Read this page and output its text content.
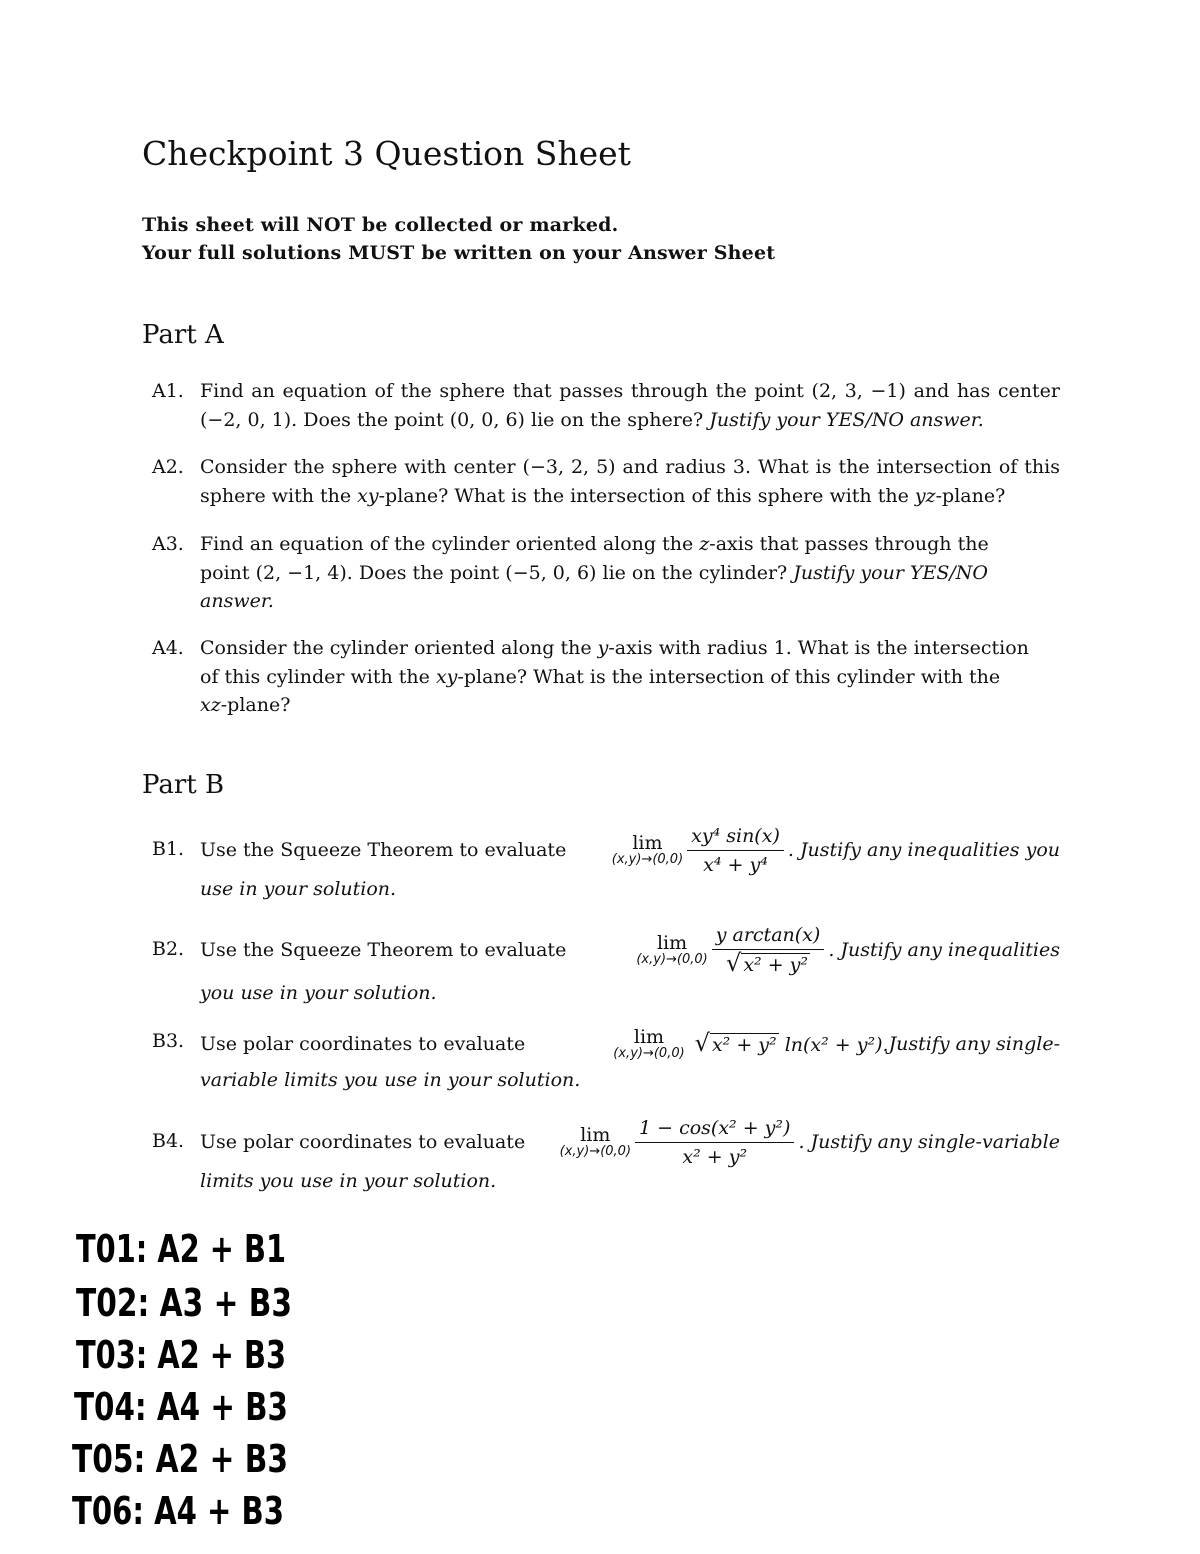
Checkpoint 3 Question Sheet
This sheet will NOT be collected or marked.
Your full solutions MUST be written on your Answer Sheet
Part A
A1. Find an equation of the sphere that passes through the point (2, 3, −1) and has center
(−2, 0, 1). Does the point (0, 0, 6) lie on the sphere? Justify your YES/NO answer.
A2. Consider the sphere with center (−3, 2, 5) and radius 3. What is the intersection of this
sphere with the xy-plane? What is the intersection of this sphere with the yz-plane?
A3. Find an equation of the cylinder oriented along the z-axis that passes through the
point (2, −1, 4). Does the point (−5, 0, 6) lie on the cylinder? Justify your YES/NO
answer.
A4. Consider the cylinder oriented along the y-axis with radius 1. What is the intersection
of this cylinder with the xy-plane? What is the intersection of this cylinder with the
xz-plane?
Part B
B1. Use the Squeeze Theorem to evaluate	lim
$(x,y)\to(0,0) \frac{\text{xy⁴ sin(x)}}{\text{x⁴ + y⁴}}$ . Justify any inequalities you
use in your solution.
B2. Use the Squeeze Theorem to evaluate	lim
$(x,y)\to(0,0) \frac{\text{y arctan(x)}}{\text{√ x² + y²}}$ . Justify any inequalities
you use in your solution.
B3. Use polar coordinates to evaluate	lim
(x,y)→(0,0) √ x² + y² ln(x² + y²). Justify any single-
variable limits you use in your solution.
B4. Use polar coordinates to evaluate	lim
$(x,y)\to(0,0) \frac{\text{1 − cos(x² + y²)}}{\text{x² + y²}}$ . Justify any single-variable
limits you use in your solution.
T01: A2 + B1
T02: A3 + B3
T03: A2 + B3
T04: A4 + B3
T05: A2 + B3
T06: A4 + B3
